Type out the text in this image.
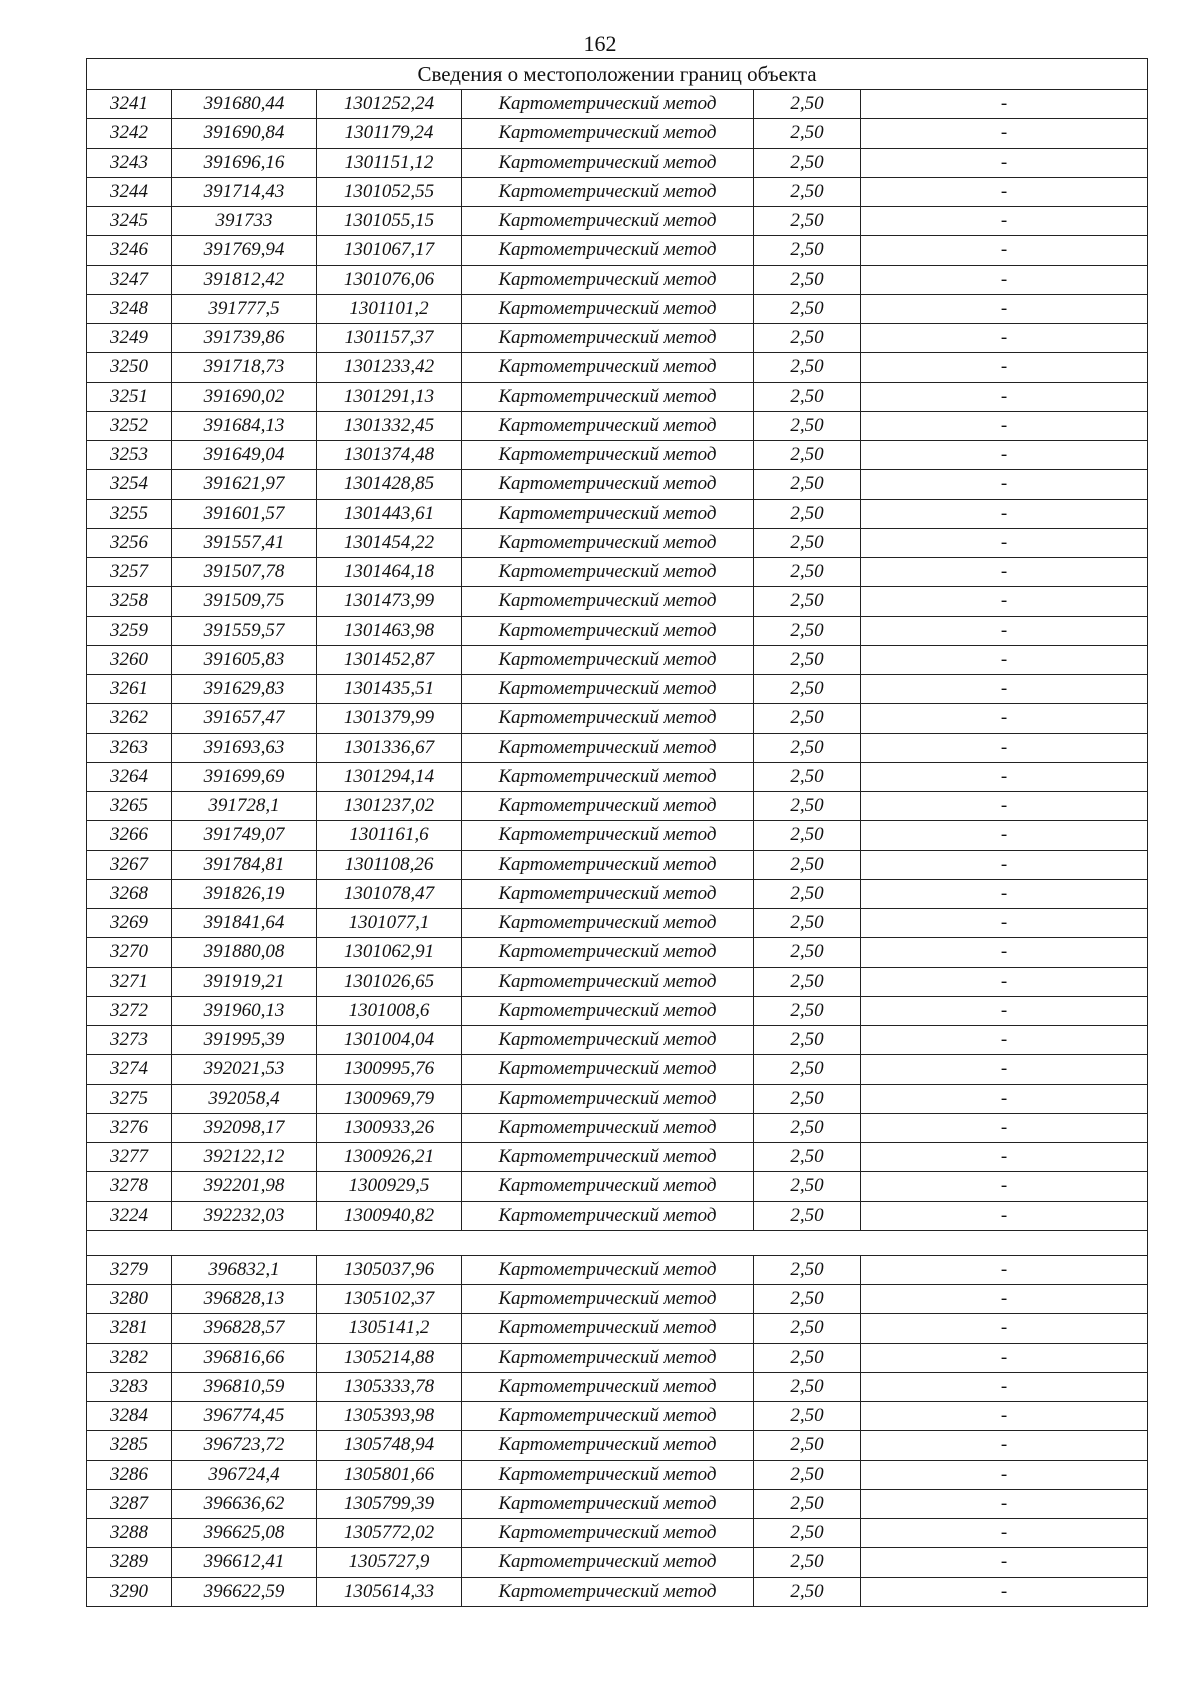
162
Сведения о местоположении границ объекта					
3241	391680,44	1301252,24	Картометрический метод	2,50	-
3242	391690,84	1301179,24	Картометрический метод	2,50	-
3243	391696,16	1301151,12	Картометрический метод	2,50	-
3244	391714,43	1301052,55	Картометрический метод	2,50	-
3245	391733	1301055,15	Картометрический метод	2,50	-
3246	391769,94	1301067,17	Картометрический метод	2,50	-
3247	391812,42	1301076,06	Картометрический метод	2,50	-
3248	391777,5	1301101,2	Картометрический метод	2,50	-
3249	391739,86	1301157,37	Картометрический метод	2,50	-
3250	391718,73	1301233,42	Картометрический метод	2,50	-
3251	391690,02	1301291,13	Картометрический метод	2,50	-
3252	391684,13	1301332,45	Картометрический метод	2,50	-
3253	391649,04	1301374,48	Картометрический метод	2,50	-
3254	391621,97	1301428,85	Картометрический метод	2,50	-
3255	391601,57	1301443,61	Картометрический метод	2,50	-
3256	391557,41	1301454,22	Картометрический метод	2,50	-
3257	391507,78	1301464,18	Картометрический метод	2,50	-
3258	391509,75	1301473,99	Картометрический метод	2,50	-
3259	391559,57	1301463,98	Картометрический метод	2,50	-
3260	391605,83	1301452,87	Картометрический метод	2,50	-
3261	391629,83	1301435,51	Картометрический метод	2,50	-
3262	391657,47	1301379,99	Картометрический метод	2,50	-
3263	391693,63	1301336,67	Картометрический метод	2,50	-
3264	391699,69	1301294,14	Картометрический метод	2,50	-
3265	391728,1	1301237,02	Картометрический метод	2,50	-
3266	391749,07	1301161,6	Картометрический метод	2,50	-
3267	391784,81	1301108,26	Картометрический метод	2,50	-
3268	391826,19	1301078,47	Картометрический метод	2,50	-
3269	391841,64	1301077,1	Картометрический метод	2,50	-
3270	391880,08	1301062,91	Картометрический метод	2,50	-
3271	391919,21	1301026,65	Картометрический метод	2,50	-
3272	391960,13	1301008,6	Картометрический метод	2,50	-
3273	391995,39	1301004,04	Картометрический метод	2,50	-
3274	392021,53	1300995,76	Картометрический метод	2,50	-
3275	392058,4	1300969,79	Картометрический метод	2,50	-
3276	392098,17	1300933,26	Картометрический метод	2,50	-
3277	392122,12	1300926,21	Картометрический метод	2,50	-
3278	392201,98	1300929,5	Картометрический метод	2,50	-
3224	392232,03	1300940,82	Картометрический метод	2,50	-

3279	396832,1	1305037,96	Картометрический метод	2,50	-
3280	396828,13	1305102,37	Картометрический метод	2,50	-
3281	396828,57	1305141,2	Картометрический метод	2,50	-
3282	396816,66	1305214,88	Картометрический метод	2,50	-
3283	396810,59	1305333,78	Картометрический метод	2,50	-
3284	396774,45	1305393,98	Картометрический метод	2,50	-
3285	396723,72	1305748,94	Картометрический метод	2,50	-
3286	396724,4	1305801,66	Картометрический метод	2,50	-
3287	396636,62	1305799,39	Картометрический метод	2,50	-
3288	396625,08	1305772,02	Картометрический метод	2,50	-
3289	396612,41	1305727,9	Картометрический метод	2,50	-
3290	396622,59	1305614,33	Картометрический метод	2,50	-
